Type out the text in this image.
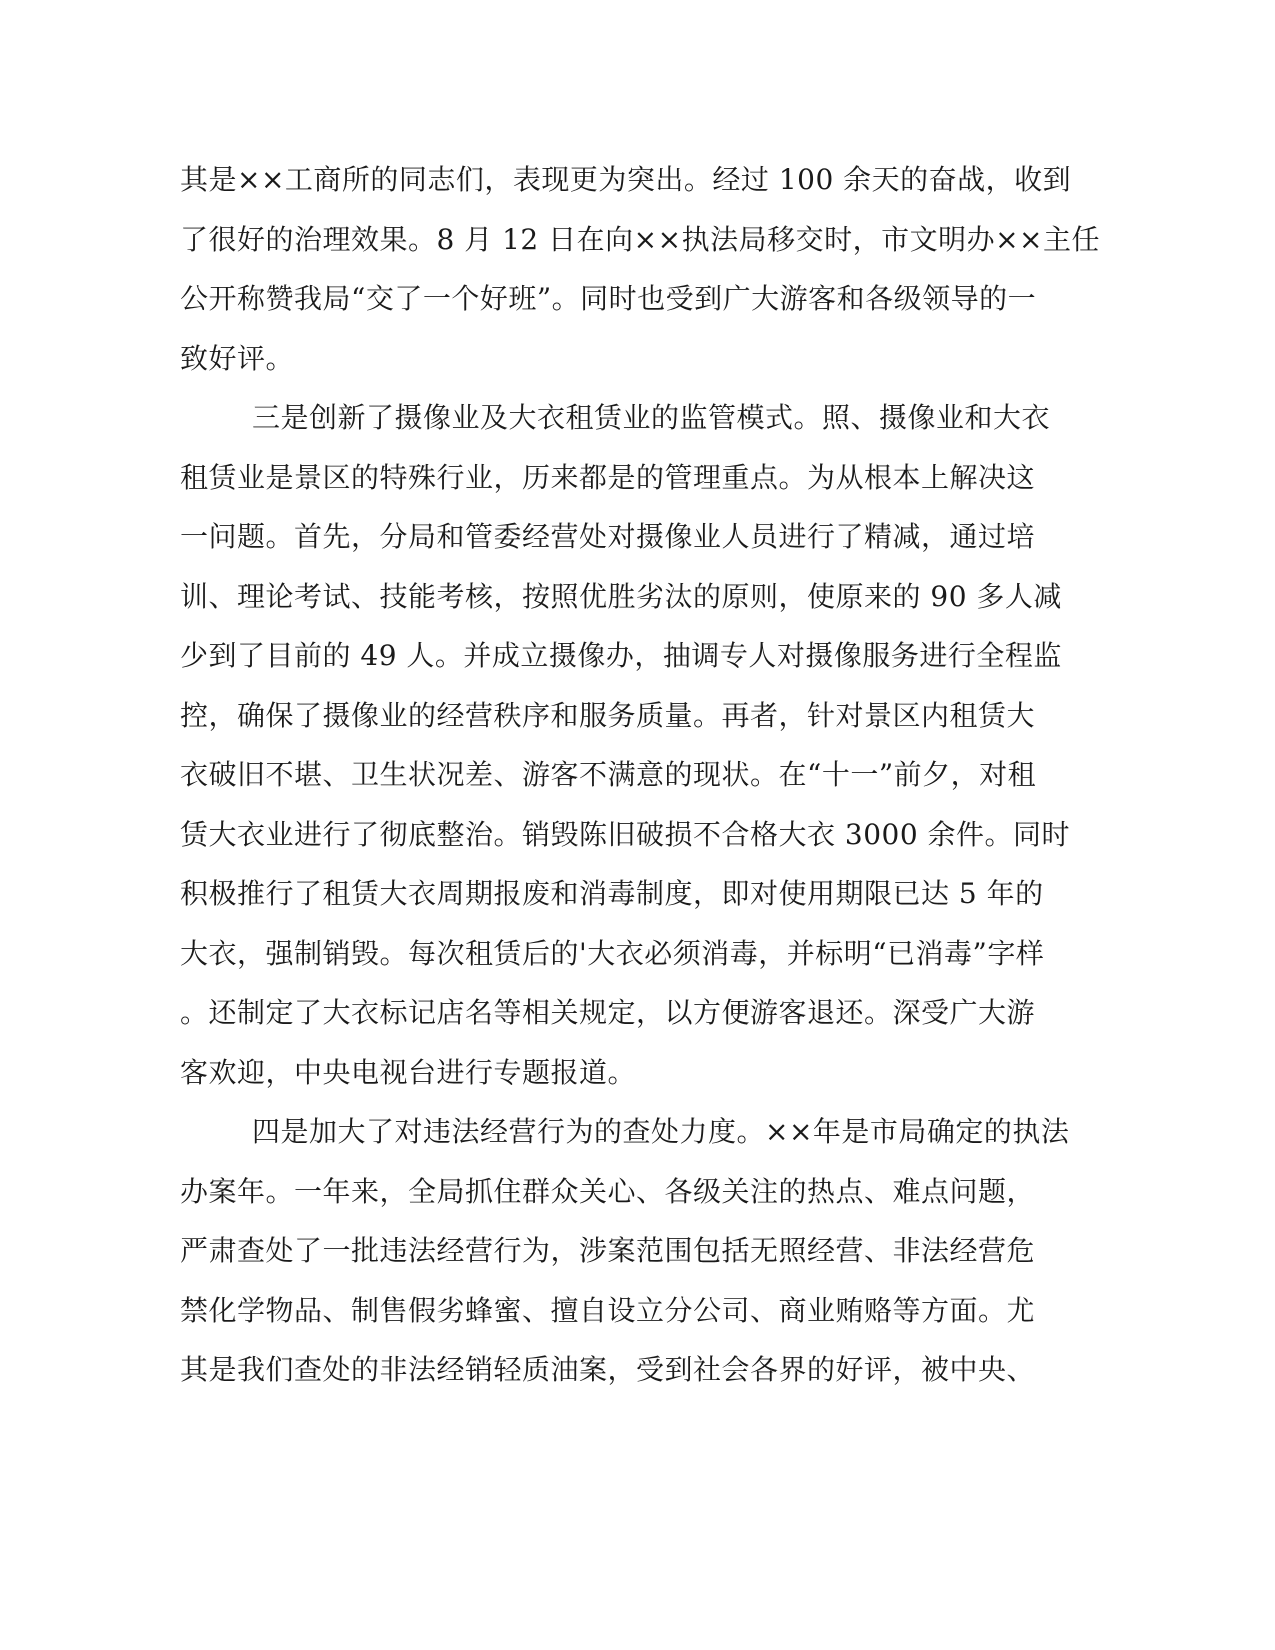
其是××工商所的同志们，表现更为突出。经过 100 余天的奋战，收到
了很好的治理效果。8 月 12 日在向××执法局移交时，市文明办××主任
公开称赞我局“交了一个好班”。同时也受到广大游客和各级领导的一
致好评。
三是创新了摄像业及大衣租赁业的监管模式。照、摄像业和大衣
租赁业是景区的特殊行业，历来都是的管理重点。为从根本上解决这
一问题。首先，分局和管委经营处对摄像业人员进行了精减，通过培
训、理论考试、技能考核，按照优胜劣汰的原则，使原来的 90 多人减
少到了目前的 49 人。并成立摄像办，抽调专人对摄像服务进行全程监
控，确保了摄像业的经营秩序和服务质量。再者，针对景区内租赁大
衣破旧不堪、卫生状况差、游客不满意的现状。在“十一”前夕，对租
赁大衣业进行了彻底整治。销毁陈旧破损不合格大衣 3000 余件。同时
积极推行了租赁大衣周期报废和消毒制度，即对使用期限已达 5 年的
大衣，强制销毁。每次租赁后的'大衣必须消毒，并标明“已消毒”字样
。还制定了大衣标记店名等相关规定，以方便游客退还。深受广大游
客欢迎，中央电视台进行专题报道。
四是加大了对违法经营行为的查处力度。××年是市局确定的执法
办案年。一年来，全局抓住群众关心、各级关注的热点、难点问题，
严肃查处了一批违法经营行为，涉案范围包括无照经营、非法经营危
禁化学物品、制售假劣蜂蜜、擅自设立分公司、商业贿赂等方面。尤
其是我们查处的非法经销轻质油案，受到社会各界的好评，被中央、
